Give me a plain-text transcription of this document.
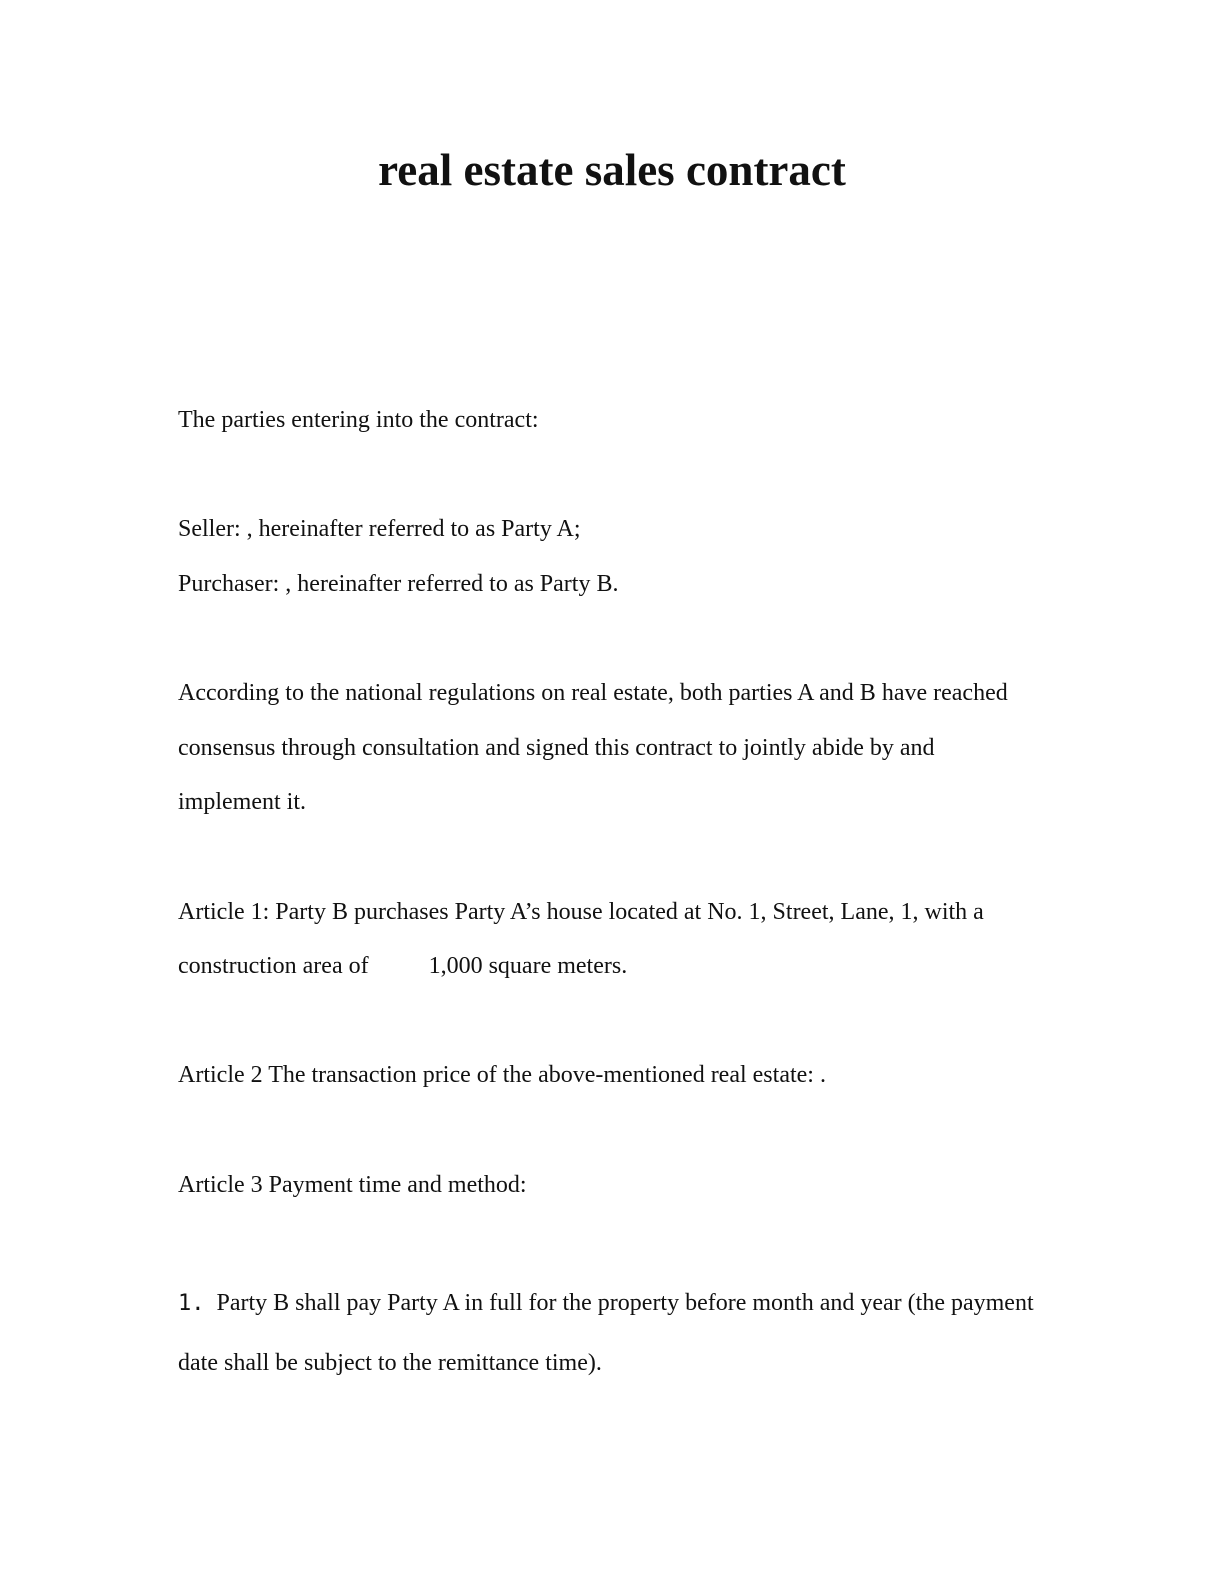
real estate sales contract

The parties entering into the contract:

Seller: , hereinafter referred to as Party A;

Purchaser: , hereinafter referred to as Party B.

According to the national regulations on real estate, both parties A and B have reached

consensus through consultation and signed this contract to jointly abide by and

implement it.

Article 1: Party B purchases Party A’s house located at No. 1, Street, Lane, 1, with a

construction area of          1,000 square meters.

Article 2 The transaction price of the above-mentioned real estate: .

Article 3 Payment time and method:

1. Party B shall pay Party A in full for the property before month and year (the payment

date shall be subject to the remittance time).
